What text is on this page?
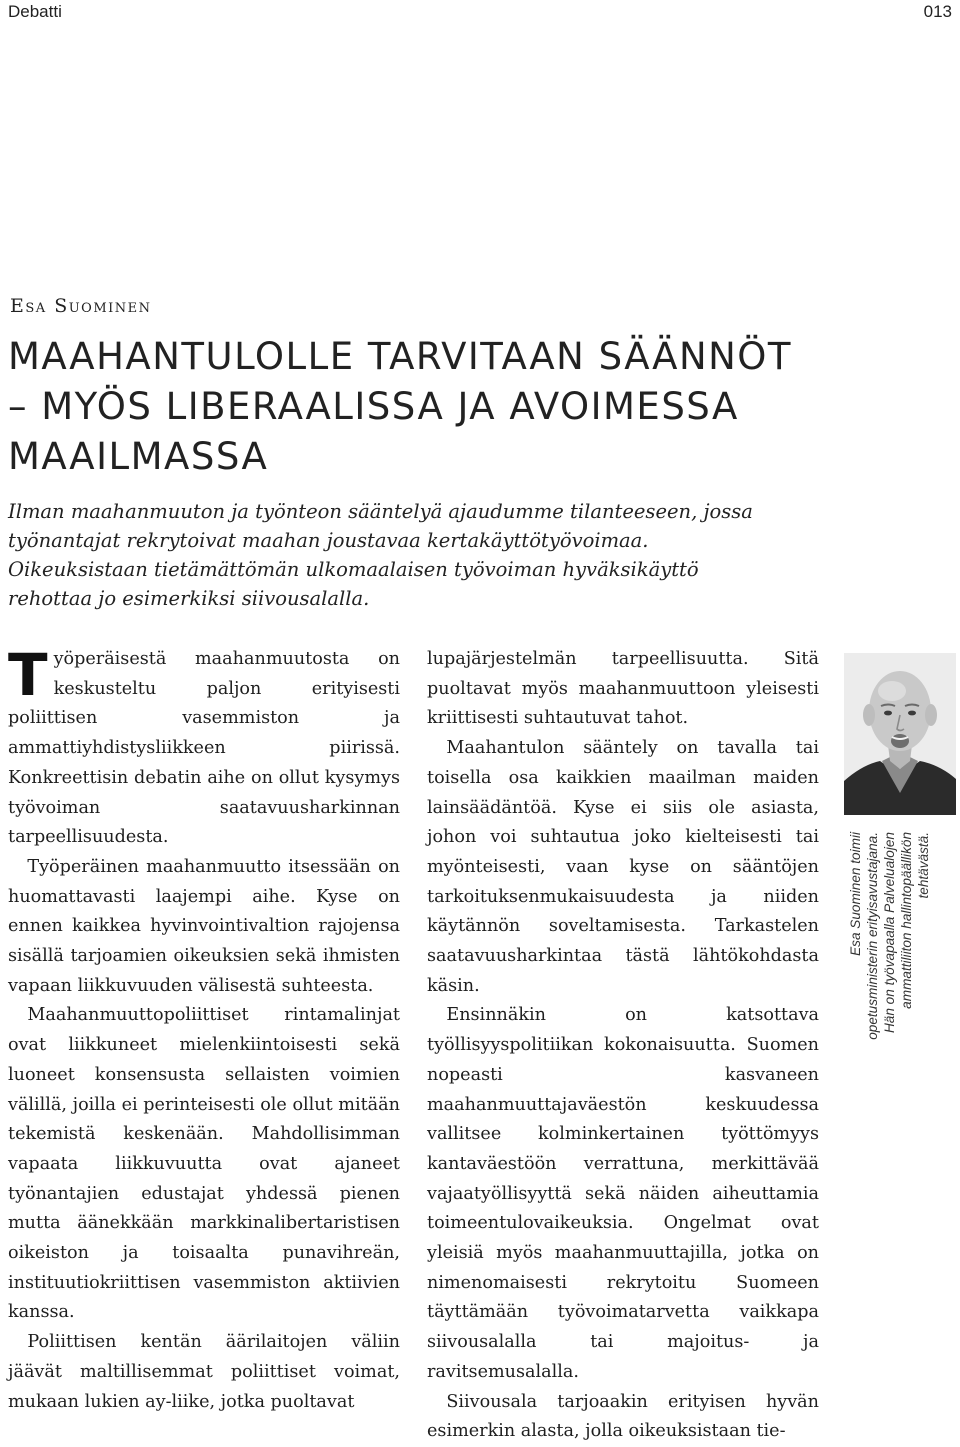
Debatti	013
Esa Suominen
MAAHANTULOLLE TARVITAAN SÄÄNNÖT
– MYÖS LIBERAALISSA JA AVOIMESSA
MAAILMASSA

Ilman maahanmuuton ja työnteon sääntelyä ajaudumme tilanteeseen, jossa työnantajat rekrytoivat maahan joustavaa kertakäyttötyövoimaa. Oikeuksistaan tietämättömän ulkomaalaisen työvoiman hyväksikäyttö rehottaa jo esimerkiksi siivousalalla.

Työperäisestä maahanmuutosta on keskusteltu paljon erityisesti poliittisen vasemmiston ja ammattiyhdistysliikkeen piirissä. Konkreettisin debatin aihe on ollut kysymys työvoiman saatavuusharkinnan tarpeellisuudesta.

Työperäinen maahanmuutto itsessään on huomattavasti laajempi aihe. Kyse on ennen kaikkea hyvinvointivaltion rajojensa sisällä tarjoamien oikeuksien sekä ihmisten vapaan liikkuvuuden välisestä suhteesta.

Maahanmuuttopoliittiset rintamalinjat ovat liikkuneet mielenkiintoisesti sekä luoneet konsensusta sellaisten voimien välillä, joilla ei perinteisesti ole ollut mitään tekemistä keskenään. Mahdollisimman vapaata liikkuvuutta ovat ajaneet työnantajien edustajat yhdessä pienen mutta äänekkään markkinalibertaristisen oikeiston ja toisaalta punavihreän, instituutiokriittisen vasemmiston aktiivien kanssa.

Poliittisen kentän äärilaitojen väliin jäävät maltillisemmat poliittiset voimat, mukaan lukien ay-liike, jotka puoltavat

lupajärjestelmän tarpeellisuutta. Sitä puoltavat myös maahanmuuttoon yleisesti kriittisesti suhtautuvat tahot.

Maahantulon sääntely on tavalla tai toisella osa kaikkien maailman maiden lainsäädäntöä. Kyse ei siis ole asiasta, johon voi suhtautua joko kielteisesti tai myönteisesti, vaan kyse on sääntöjen tarkoituksenmukaisuudesta ja niiden käytännön soveltamisesta. Tarkastelen saatavuusharkintaa tästä lähtökohdasta käsin.

Ensinnäkin on katsottava työllisyyspolitiikan kokonaisuutta. Suomen nopeasti kasvaneen maahanmuuttajaväestön keskuudessa vallitsee kolminkertainen työttömyys kantaväestöön verrattuna, merkittävää vajaatyöllisyyttä sekä näiden aiheuttamia toimeentulovaikeuksia. Ongelmat ovat yleisiä myös maahanmuuttajilla, jotka on nimenomaisesti rekrytoitu Suomeen täyttämään työvoimatarvetta vaikkapa siivousalalla tai majoitus- ja ravitsemusalalla.

Siivousala tarjoaakin erityisen hyvän esimerkin alasta, jolla oikeuksistaan tie-

Esa Suominen toimii opetusministerin erityisavustajana. Hän on työvapaalla Palvelualojen ammattiliiton hallintopäällikön tehtävästä.
